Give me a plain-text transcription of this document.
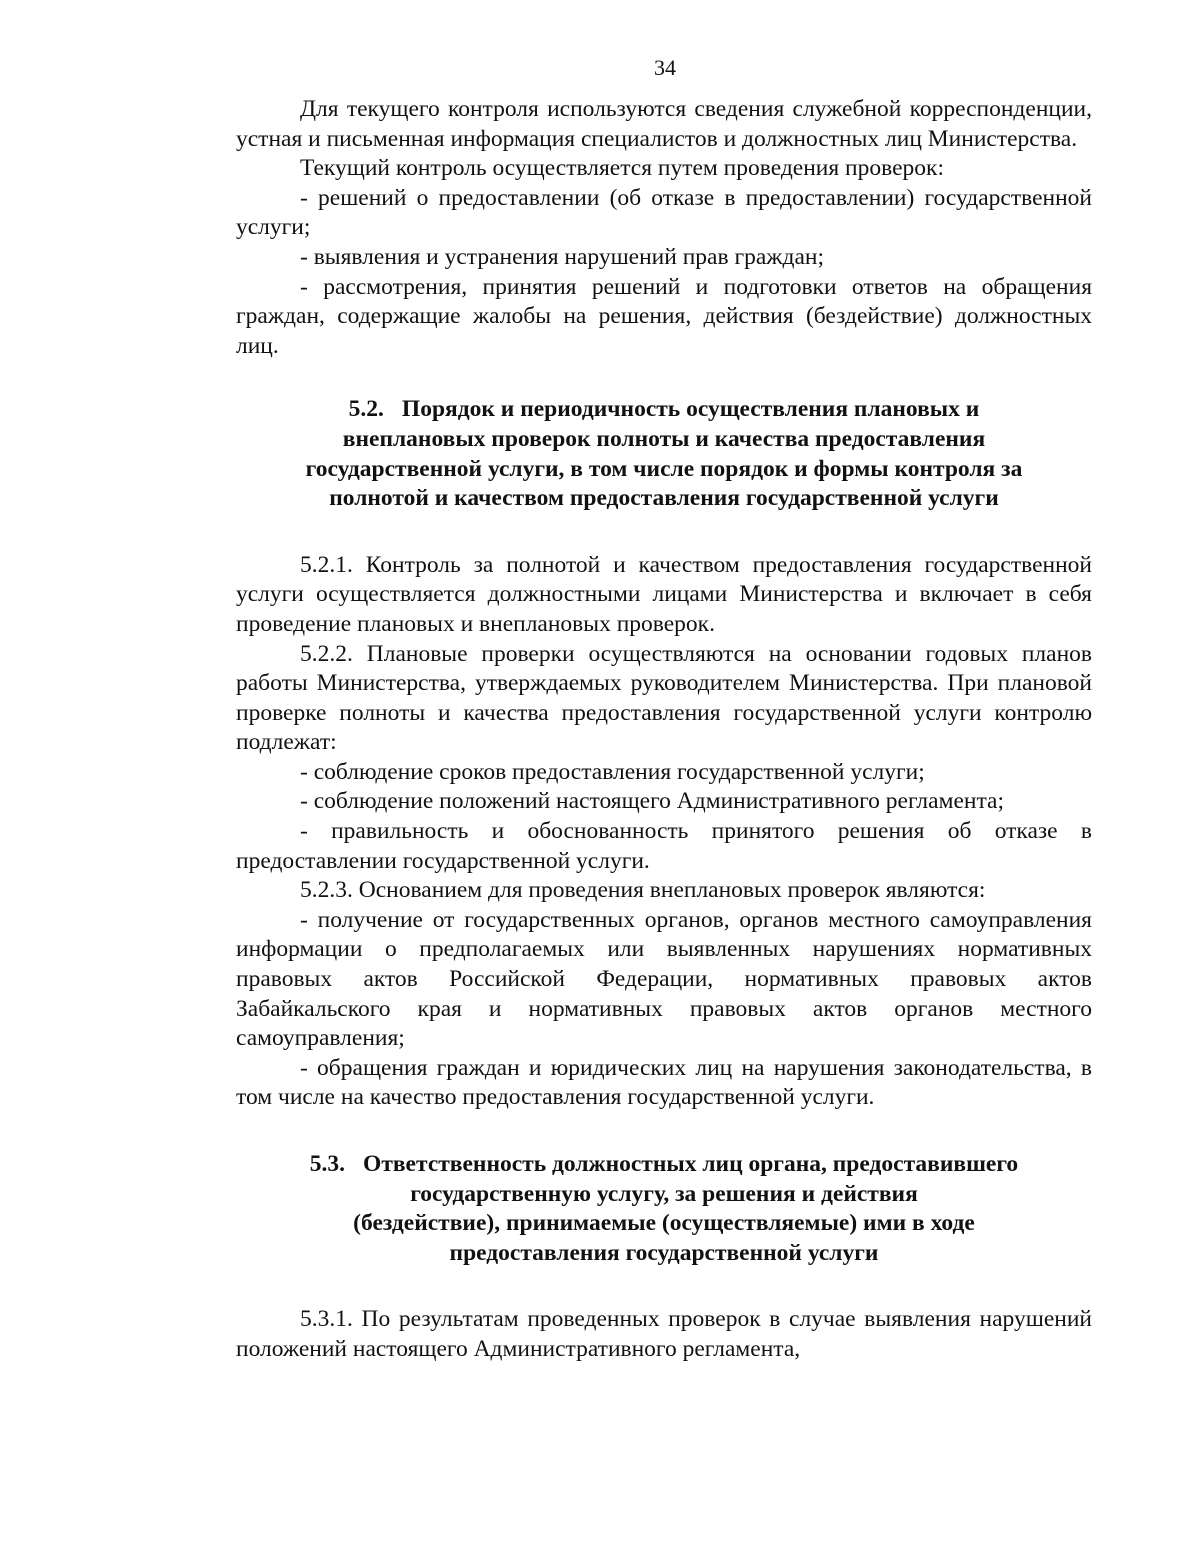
34

Для текущего контроля используются сведения служебной корреспонденции, устная и письменная информация специалистов и должностных лиц Министерства.

Текущий контроль осуществляется путем проведения проверок:

- решений о предоставлении (об отказе в предоставлении) государственной услуги;

- выявления и устранения нарушений прав граждан;

- рассмотрения, принятия решений и подготовки ответов на обращения граждан, содержащие жалобы на решения, действия (бездействие) должностных лиц.

5.2. Порядок и периодичность осуществления плановых и
внеплановых проверок полноты и качества предоставления
государственной услуги, в том числе порядок и формы контроля за
полнотой и качеством предоставления государственной услуги

5.2.1. Контроль за полнотой и качеством предоставления государственной услуги осуществляется должностными лицами Министерства и включает в себя проведение плановых и внеплановых проверок.

5.2.2. Плановые проверки осуществляются на основании годовых планов работы Министерства, утверждаемых руководителем Министерства. При плановой проверке полноты и качества предоставления государственной услуги контролю подлежат:

- соблюдение сроков предоставления государственной услуги;

- соблюдение положений настоящего Административного регламента;

- правильность и обоснованность принятого решения об отказе в предоставлении государственной услуги.

5.2.3. Основанием для проведения внеплановых проверок являются:

- получение от государственных органов, органов местного самоуправления информации о предполагаемых или выявленных нарушениях нормативных правовых актов Российской Федерации, нормативных правовых актов Забайкальского края и нормативных правовых актов органов местного самоуправления;

- обращения граждан и юридических лиц на нарушения законодательства, в том числе на качество предоставления государственной услуги.

5.3. Ответственность должностных лиц органа, предоставившего
государственную услугу, за решения и действия
(бездействие), принимаемые (осуществляемые) ими в ходе
предоставления государственной услуги

5.3.1. По результатам проведенных проверок в случае выявления нарушений положений настоящего Административного регламента,
